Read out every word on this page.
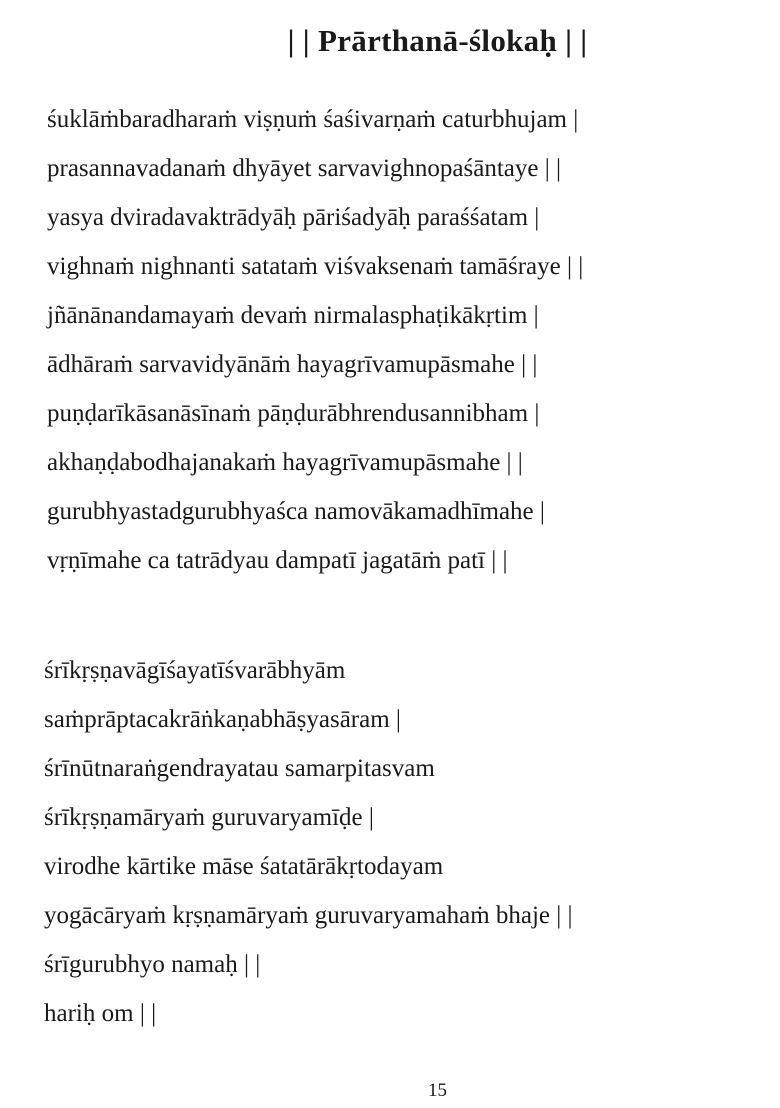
| | Prārthanā-ślokaḥ | |
śuklāṁbaradharaṁ viṣṇuṁ śaśivarṇaṁ caturbhujam |
prasannavadanaṁ dhyāyet sarvavighnopaśāntaye | |
yasya dviradavaktrādyāḥ pāriśadyāḥ paraśśatam |
vighnaṁ nighnanti satataṁ viśvaksenaṁ tamāśraye | |
jñānānandamayaṁ devaṁ nirmalasphaṭikākṛtim |
ādhāraṁ sarvavidyānāṁ hayagrīvamupāsmahe | |
puṇḍarīkāsanāsīnaṁ pāṇḍurābhrendusannibham |
akhaṇḍabodhajanakaṁ hayagrīvamupāsmahe | |
gurubhyastadgurubhyaśca namovākamadhīmahe |
vṛṇīmahe ca tatrādyau dampatī jagatāṁ patī | |
śrīkṛṣṇavāgīśayatīśvarābhyām
saṁprāptacakrāṅkaṇabhāṣyasāram |
śrīnūtnaraṅgendrayatau samarpitasvam
śrīkṛṣṇamāryaṁ guruvaryamīḍe |
virodhe kārtike māse śatatārākṛtodayam
yogācāryaṁ kṛṣṇamāryaṁ guruvaryamahaṁ bhaje | |
śrīgurubhyo namaḥ | |
hariḥ om | |
15
